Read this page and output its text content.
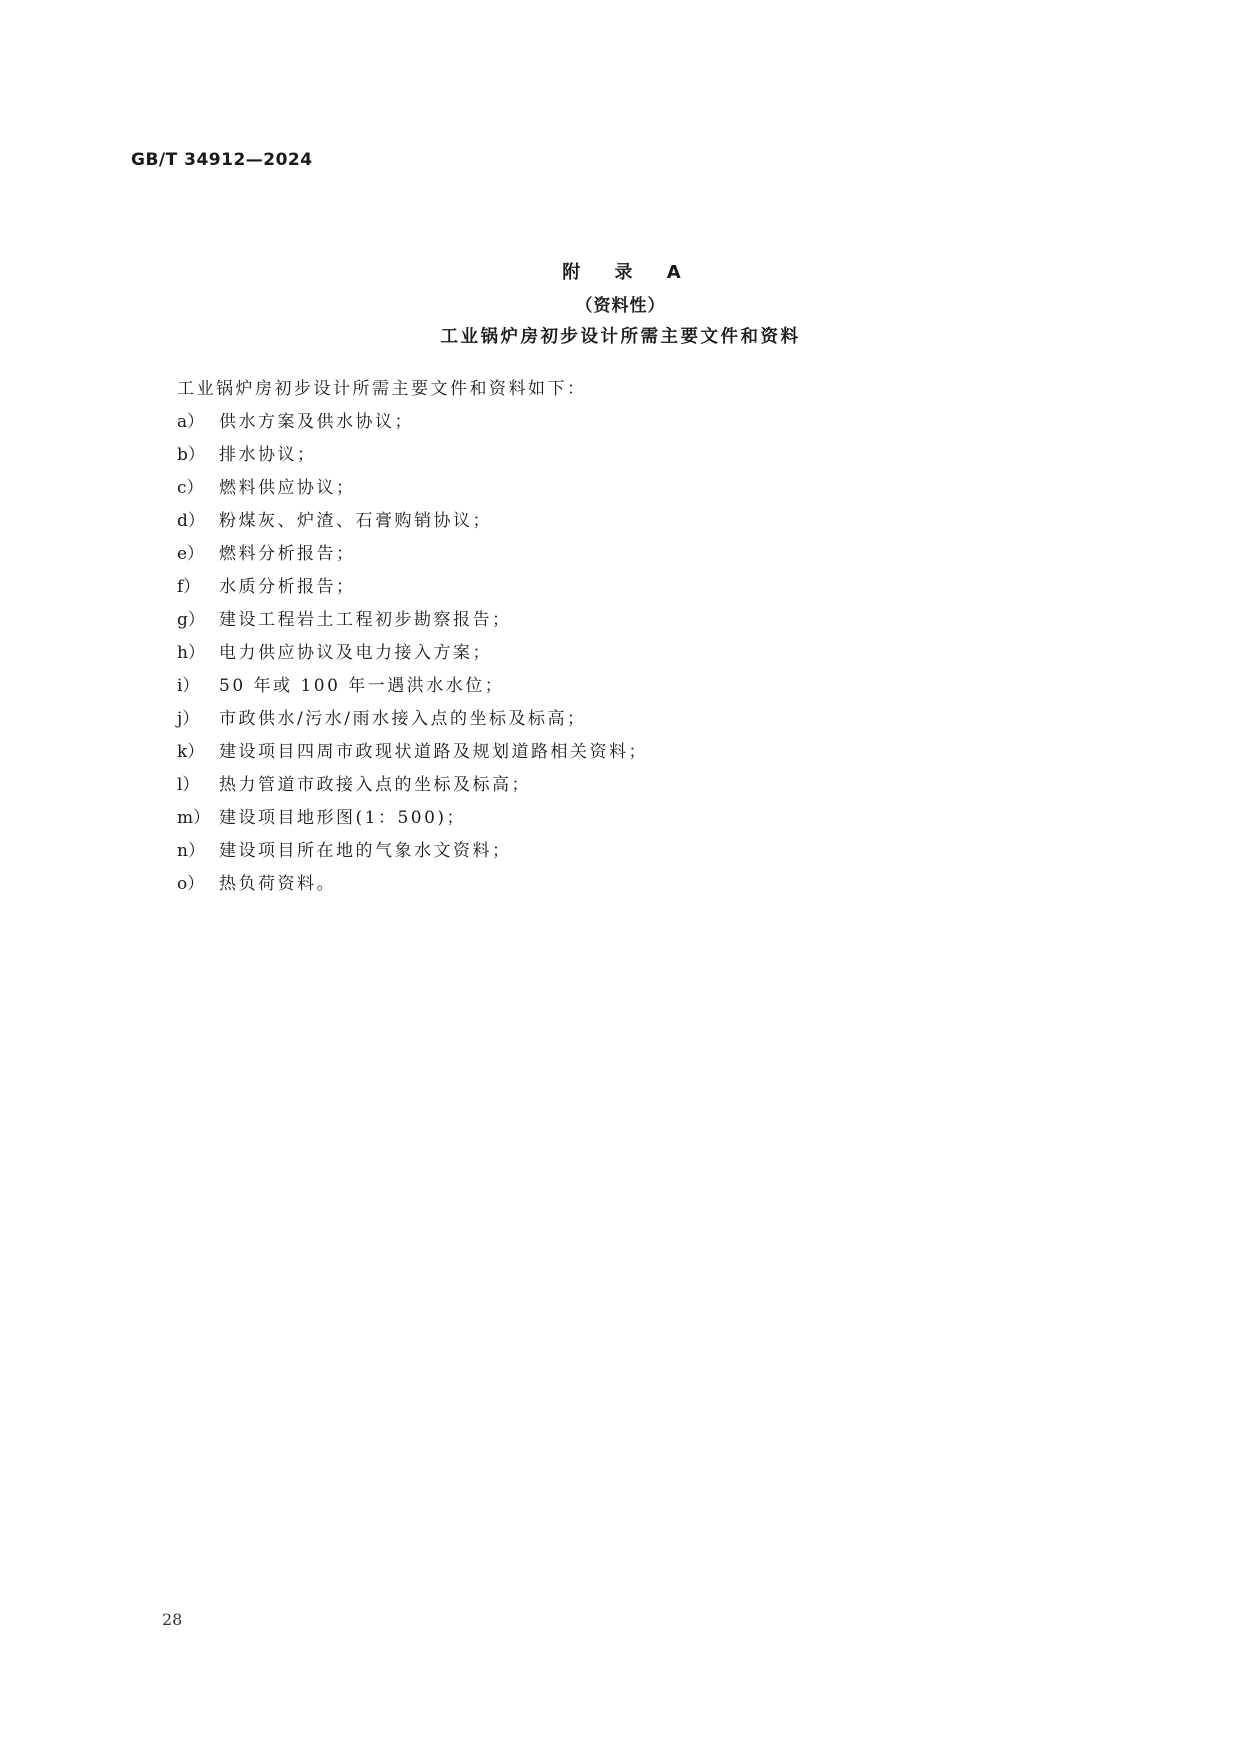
GB/T 34912—2024
附 录 A
（资料性）
工业锅炉房初步设计所需主要文件和资料
工业锅炉房初步设计所需主要文件和资料如下：
a） 供水方案及供水协议；
b） 排水协议；
c） 燃料供应协议；
d） 粉煤灰、炉渣、石膏购销协议；
e） 燃料分析报告；
f） 水质分析报告；
g） 建设工程岩土工程初步勘察报告；
h） 电力供应协议及电力接入方案；
i） 50 年或 100 年一遇洪水水位；
j） 市政供水/污水/雨水接入点的坐标及标高；
k） 建设项目四周市政现状道路及规划道路相关资料；
l） 热力管道市政接入点的坐标及标高；
m） 建设项目地形图(1：500)；
n） 建设项目所在地的气象水文资料；
o） 热负荷资料。
28
